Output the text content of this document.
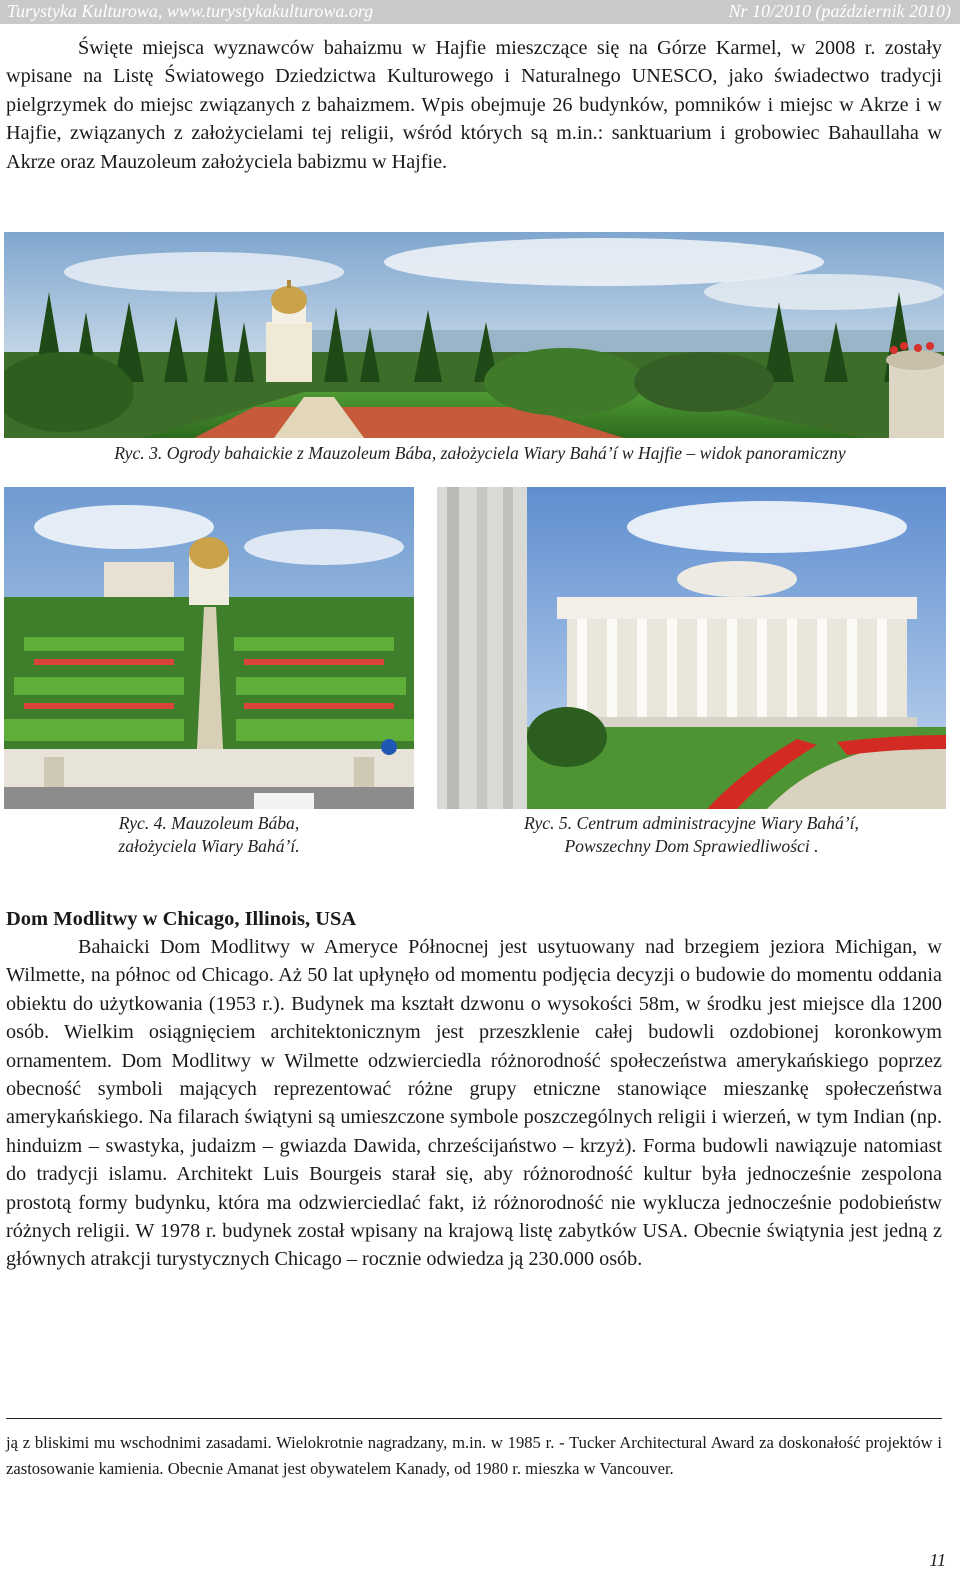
Turystyka Kulturowa, www.turystykakulturowa.org	Nr 10/2010 (październik 2010)

Święte miejsca wyznawców bahaizmu w Hajfie mieszczące się na Górze Karmel, w 2008 r. zostały wpisane na Listę Światowego Dziedzictwa Kulturowego i Naturalnego UNESCO, jako świadectwo tradycji pielgrzymek do miejsc związanych z bahaizmem. Wpis obejmuje 26 budynków, pomników i miejsc w Akrze i w Hajfie, związanych z założycielami tej religii, wśród których są m.in.: sanktuarium i grobowiec Bahaullaha w Akrze oraz Mauzoleum założyciela babizmu w Hajfie.

Ryc. 3. Ogrody bahaickie z Mauzoleum Bába, założyciela Wiary Bahá’í w Hajfie – widok panoramiczny
Ryc. 4. Mauzoleum Bába,
założyciela Wiary Bahá’í.
Ryc. 5. Centrum administracyjne Wiary Bahá’í,
Powszechny Dom Sprawiedliwości .
Dom Modlitwy w Chicago, Illinois, USA

Bahaicki Dom Modlitwy w Ameryce Północnej jest usytuowany nad brzegiem jeziora Michigan, w Wilmette, na północ od Chicago. Aż 50 lat upłynęło od momentu podjęcia decyzji o budowie do momentu oddania obiektu do użytkowania (1953 r.). Budynek ma kształt dzwonu o wysokości 58m, w środku jest miejsce dla 1200 osób. Wielkim osiągnięciem architektonicznym jest przeszklenie całej budowli ozdobionej koronkowym ornamentem. Dom Modlitwy w Wilmette odzwierciedla różnorodność społeczeństwa amerykańskiego poprzez obecność symboli mających reprezentować różne grupy etniczne stanowiące mieszankę społeczeństwa amerykańskiego. Na filarach świątyni są umieszczone symbole poszczególnych religii i wierzeń, w tym Indian (np. hinduizm – swastyka, judaizm – gwiazda Dawida, chrześcijaństwo – krzyż). Forma budowli nawiązuje natomiast do tradycji islamu. Architekt Luis Bourgeis starał się, aby różnorodność kultur była jednocześnie zespolona prostotą formy budynku, która ma odzwierciedlać fakt, iż różnorodność nie wyklucza jednocześnie podobieństw różnych religii. W 1978 r. budynek został wpisany na krajową listę zabytków USA. Obecnie świątynia jest jedną z głównych atrakcji turystycznych Chicago – rocznie odwiedza ją 230.000 osób.

ją z bliskimi mu wschodnimi zasadami. Wielokrotnie nagradzany, m.in. w 1985 r. - Tucker Architectural Award za doskonałość projektów i zastosowanie kamienia. Obecnie Amanat jest obywatelem Kanady, od 1980 r. mieszka w Vancouver.

11
